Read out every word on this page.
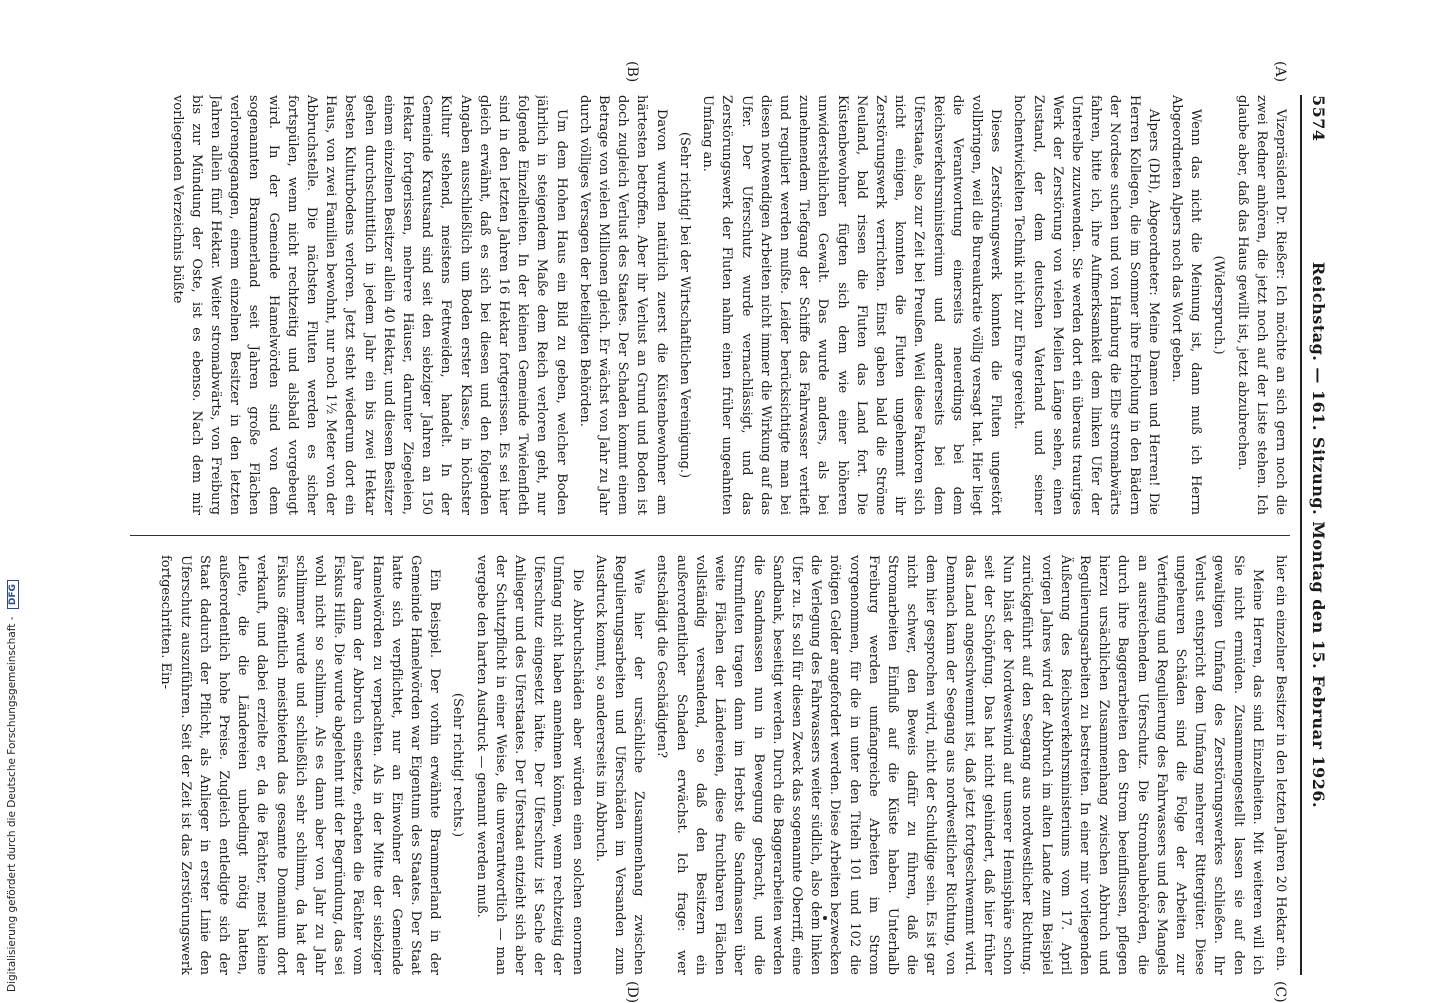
5574
Reichstag. — 161. Sitzung. Montag den 15. Februar 1926.
(A)
(B)
(C)
(D)

Vizepräsident Dr. Rießer: Ich möchte an sich gern noch die zwei Redner anhören, die jetzt noch auf der Liste stehen. Ich glaube aber, daß das Haus gewillt ist, jetzt abzubrechen.

(Widerspruch.)

Wenn das nicht die Meinung ist, dann muß ich Herrn Abgeordneten Alpers noch das Wort geben.

Alpers (DH), Abgeordneter: Meine Damen und Herren! Die Herren Kollegen, die im Sommer ihre Erholung in den Bädern der Nordsee suchen und von Hamburg die Elbe stromabwärts fahren, bitte ich, ihre Aufmerksamkeit dem linken Ufer der Unterelbe zuzuwenden. Sie werden dort ein überaus trauriges Werk der Zerstörung von vielen Meilen Länge sehen, einen Zustand, der dem deutschen Vaterland und seiner hochentwickelten Technik nicht zur Ehre gereicht.

Dieses Zerstörungswerk konnten die Fluten ungestört vollbringen, weil die Bureaukratie völlig versagt hat. Hier liegt die Verantwortung einerseits neuerdings bei dem Reichsverkehrsministerium und andererseits bei dem Uferstaate, also zur Zeit bei Preußen. Weil diese Faktoren sich nicht einigen, konnten die Fluten ungehemmt ihr Zerstörungswerk verrichten. Einst gaben bald die Ströme Neuland, bald rissen die Fluten das Land fort. Die Küstenbewohner fügten sich dem wie einer höheren unwiderstehlichen Gewalt. Das wurde anders, als bei zunehmendem Tiefgang der Schiffe das Fahrwasser vertieft und reguliert werden mußte. Leider berücksichtigte man bei diesen notwendigen Arbeiten nicht immer die Wirkung auf das Ufer. Der Uferschutz wurde vernachlässigt, und das Zerstörungswerk der Fluten nahm einen früher ungeahnten Umfang an.

(Sehr richtig! bei der Wirtschaftlichen Vereinigung.)

Davon wurden natürlich zuerst die Küstenbewohner am härtesten betroffen. Aber ihr Verlust an Grund und Boden ist doch zugleich Verlust des Staates. Der Schaden kommt einem Betrage von vielen Millionen gleich. Er wächst von Jahr zu Jahr durch völliges Versagen der beteiligten Behörden.

Um dem Hohen Haus ein Bild zu geben, welcher Boden jährlich in steigendem Maße dem Reich verloren geht, nur folgende Einzelheiten. In der kleinen Gemeinde Twielenfleth sind in den letzten Jahren 16 Hektar fortgerissen. Es sei hier gleich erwähnt, daß es sich bei diesen und den folgenden Angaben ausschließlich um Boden erster Klasse, in höchster Kultur stehend, meistens Fettweiden, handelt. In der Gemeinde Krautsand sind seit den siebziger Jahren an 150 Hektar fortgerissen, mehrere Häuser, darunter Ziegeleien, einem einzelnen Besitzer allein 40 Hektar, und diesem Besitzer gehen durchschnittlich in jedem Jahr ein bis zwei Hektar besten Kulturbodens verloren. Jetzt steht wiederum dort ein Haus, von zwei Familien bewohnt, nur noch 1½ Meter von der Abbruchstelle. Die nächsten Fluten werden es sicher fortspülen, wenn nicht rechtzeitig und alsbald vorgebeugt wird. In der Gemeinde Hamelwörden sind von dem sogenannten Brammerland seit Jahren große Flächen verlorengegangen, einem einzelnen Besitzer in den letzten Jahren allein fünf Hektar. Weiter stromabwärts, von Freiburg bis zur Mündung der Oste, ist es ebenso. Nach dem mir vorliegenden Verzeichnis büßte

hier ein einzelner Besitzer in den letzten Jahren 20 Hektar ein.

Meine Herren, das sind Einzelheiten. Mit weiteren will ich Sie nicht ermüden. Zusammengestellt lassen sie auf den gewaltigen Umfang des Zerstörungswerkes schließen. Ihr Verlust entspricht dem Umfang mehrerer Rittergüter. Diese ungeheuren Schäden sind die Folge der Arbeiten zur Vertiefung und Regulierung des Fahrwassers und des Mangels an ausreichendem Uferschutz. Die Strombaubehörden, die durch ihre Baggerarbeiten den Strom beeinflussen, pflegen hierzu ursächlichen Zusammenhang zwischen Abbruch und Regulierungsarbeiten zu bestreiten. In einer mir vorliegenden Äußerung des Reichsverkehrsministeriums vom 17. April vorigen Jahres wird der Abbruch im alten Lande zum Beispiel zurückgeführt auf den Seegang aus nordwestlicher Richtung. Nun bläst der Nordwestwind auf unserer Hemisphäre schon seit der Schöpfung. Das hat nicht gehindert, daß hier früher das Land angeschwemmt ist, daß jetzt fortgeschwemmt wird. Demnach kann der Seegang aus nordwestlicher Richtung, von dem hier gesprochen wird, nicht der Schuldige sein. Es ist gar nicht schwer, den Beweis dafür zu führen, daß die Stromarbeiten Einfluß auf die Küste haben. Unterhalb Freiburg werden umfangreiche Arbeiten im Strom vorgenommen, für die in unter den Titeln 101 und 102 die nötigen Gelder angefordert werden. Diese Arbeiten bezwecken die Verlegung des Fahrwassers weiter südlich, also dem linken Ufer zu. Es soll für diesen Zweck das sogenannte Oberriff, eine Sandbank, beseitigt werden. Durch die Baggerarbeiten werden die Sandmassen nun in Bewegung gebracht, und die Sturmfluten tragen dann im Herbst die Sandmassen über weite Flächen der Ländereien, diese fruchtbaren Flächen vollständig versandend, so daß den Besitzern ein außerordentlicher Schaden erwächst. Ich frage: wer entschädigt die Geschädigten?

Wie hier der ursächliche Zusammenhang zwischen Regulierungsarbeiten und Uferschäden im Versanden zum Ausdruck kommt, so andererseits im Abbruch.

Die Abbruchschäden aber würden einen solchen enormen Umfang nicht haben annehmen können, wenn rechtzeitig der Uferschutz eingesetzt hätte. Der Uferschutz ist Sache der Anlieger und des Uferstaates. Der Uferstaat entzieht sich aber der Schutzpflicht in einer Weise, die unverantwortlich — man vergebe den harten Ausdruck — genannt werden muß.

(Sehr richtig! rechts.)

Ein Beispiel. Der vorhin erwähnte Brammerland in der Gemeinde Hamelwörden war Eigentum des Staates. Der Staat hatte sich verpflichtet, nur an Einwohner der Gemeinde Hamelwörden zu verpachten. Als in der Mitte der siebziger Jahre dann der Abbruch einsetzte, erbaten die Pächter vom Fiskus Hilfe. Die wurde abgelehnt mit der Begründung, das sei wohl nicht so schlimm. Als es dann aber von Jahr zu Jahr schlimmer wurde und schließlich sehr schlimm, da hat der Fiskus öffentlich meistbietend das gesamte Domanium dort verkauft, und dabei erzielte er, da die Pächter, meist kleine Leute, die die Ländereien unbedingt nötig hatten, außerordentlich hohe Preise. Zugleich entledigte sich der Staat dadurch der Pflicht, als Anlieger in erster Linie den Uferschutz auszuführen. Seit der Zeit ist das Zerstörungswerk fortgeschritten. Ein-

Digitalisierung gefördert durch die Deutsche Forschungsgemeinschaft - DFG
